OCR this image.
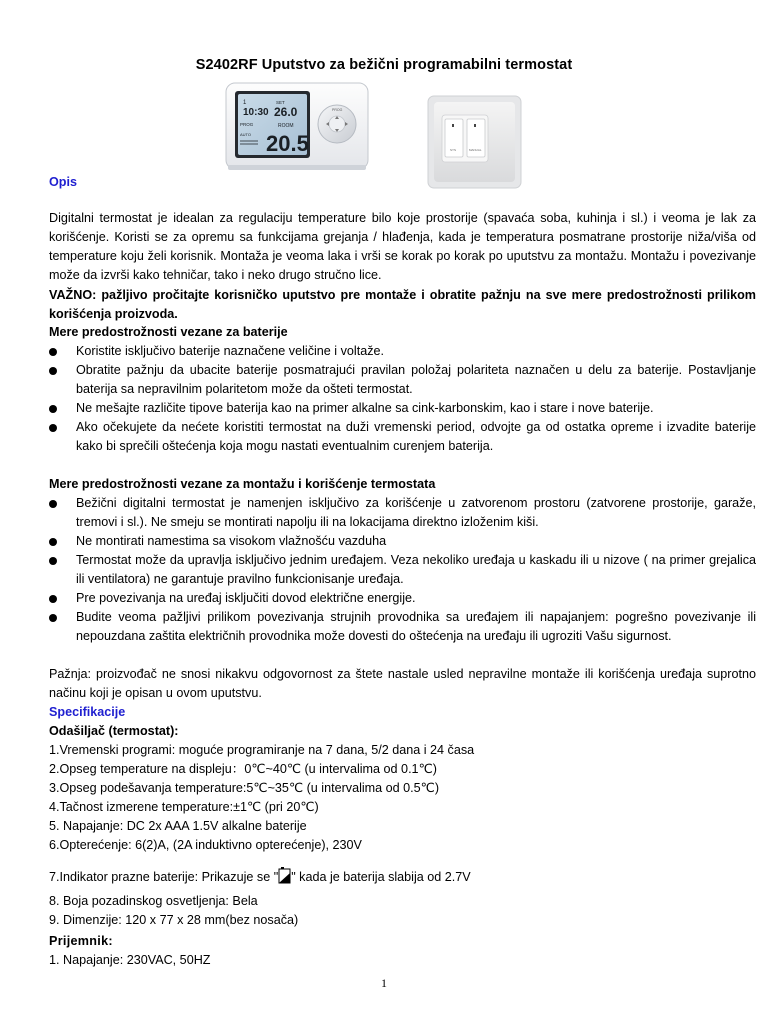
S2402RF Uputstvo za bežični programabilni termostat
1
10:30
SET
26.0
PROG
AUTO
ROOM
20.5
PROG
SYS	MANUAL
Opis
Digitalni termostat je idealan za regulaciju temperature bilo koje prostorije (spavaća soba, kuhinja i sl.) i veoma je lak za korišćenje. Koristi se za opremu sa funkcijama grejanja / hlađenja, kada je temperatura posmatrane prostorije niža/viša od temperature koju želi korisnik. Montaža je veoma laka i vrši se korak po korak po uputstvu za montažu. Montažu i povezivanje može da izvrši kako tehničar, tako i neko drugo stručno lice.
VAŽNO: pažljivo pročitajte korisničko uputstvo pre montaže i obratite pažnju na sve mere predostrožnosti prilikom korišćenja proizvoda.
Mere predostrožnosti vezane za baterije
Koristite isključivo baterije naznačene veličine i voltaže.
Obratite pažnju da ubacite baterije posmatrajući pravilan položaj polariteta naznačen u delu za baterije. Postavljanje baterija sa nepravilnim polaritetom može da ošteti termostat.
Ne mešajte različite tipove baterija kao na primer alkalne sa cink-karbonskim, kao i stare i nove baterije.
Ako očekujete da nećete koristiti termostat na duži vremenski period, odvojte ga od ostatka opreme i izvadite baterije kako bi sprečili oštećenja koja mogu nastati eventualnim curenjem baterija.
Mere predostrožnosti vezane za montažu i korišćenje termostata
Bežični digitalni termostat je namenjen isključivo za korišćenje u zatvorenom prostoru (zatvorene prostorije, garaže, tremovi i sl.). Ne smeju se montirati napolju ili na lokacijama direktno izloženim kiši.
Ne montirati namestima sa visokom vlažnošću vazduha
Termostat može da upravlja isključivo jednim uređajem. Veza nekoliko uređaja u kaskadu ili u nizove ( na primer grejalica ili ventilatora) ne garantuje pravilno funkcionisanje uređaja.
Pre povezivanja na uređaj isključiti dovod električne energije.
Budite veoma pažljivi prilikom povezivanja strujnih provodnika sa uređajem ili napajanjem: pogrešno povezivanje ili nepouzdana zaštita električnih provodnika može dovesti do oštećenja na uređaju ili ugroziti Vašu sigurnost.
Pažnja: proizvođač ne snosi nikakvu odgovornost za štete nastale usled nepravilne montaže ili korišćenja uređaja suprotno načinu koji je opisan u ovom uputstvu.
Specifikacije
Odašiljač (termostat):
1.Vremenski programi: moguće programiranje na 7 dana, 5/2 dana i 24 časa
2.Opseg temperature na displeju：0℃~40℃ (u intervalima od 0.1℃)
3.Opseg podešavanja temperature:5℃~35℃ (u intervalima od 0.5℃)
4.Tačnost izmerene temperature:±1℃ (pri 20℃)
5. Napajanje: DC 2x AAA 1.5V alkalne baterije
6.Opterećenje: 6(2)A, (2A induktivno opterećenje), 230V
7.Indikator prazne baterije: Prikazuje se " " kada je baterija slabija od 2.7V
8. Boja pozadinskog osvetljenja: Bela
9. Dimenzije: 120 x 77 x 28 mm(bez nosača)
Prijemnik:
1. Napajanje: 230VAC, 50HZ
1
